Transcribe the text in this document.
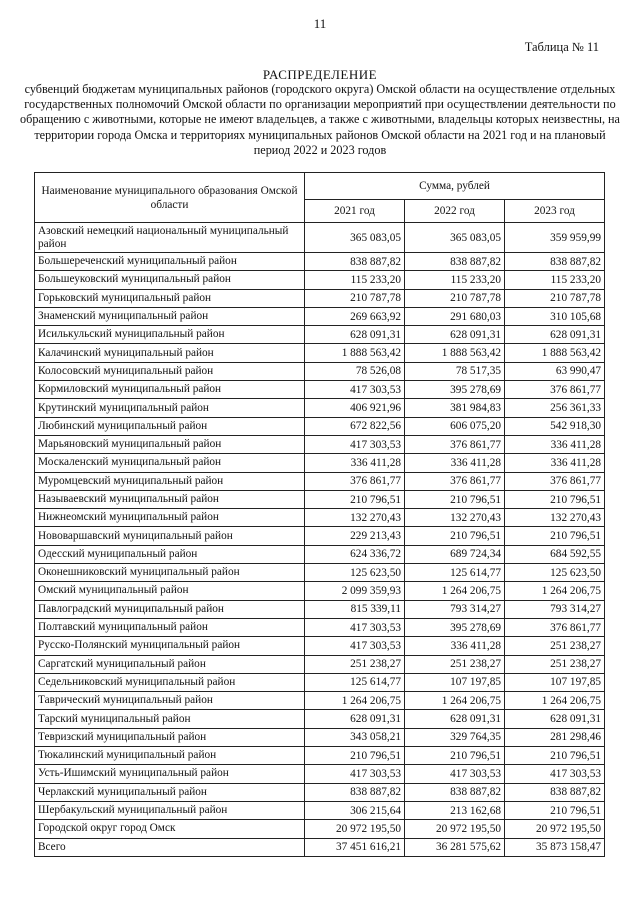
11
Таблица № 11
РАСПРЕДЕЛЕНИЕ
субвенций бюджетам муниципальных районов (городского округа) Омской области на осуществление отдельных государственных полномочий Омской области по организации мероприятий при осуществлении деятельности по обращению с животными, которые не имеют владельцев, а также с животными, владельцы которых неизвестны, на территории города Омска и территориях муниципальных районов Омской области на 2021 год и на плановый период 2022 и 2023 годов
Наименование муниципального образования Омской области	Сумма, рублей		
	2021 год	2022 год	2023 год
Азовский немецкий национальный муниципальный район	365 083,05	365 083,05	359 959,99
Большереченский муниципальный район	838 887,82	838 887,82	838 887,82
Большеуковский муниципальный район	115 233,20	115 233,20	115 233,20
Горьковский муниципальный район	210 787,78	210 787,78	210 787,78
Знаменский муниципальный район	269 663,92	291 680,03	310 105,68
Исилькульский муниципальный район	628 091,31	628 091,31	628 091,31
Калачинский муниципальный район	1 888 563,42	1 888 563,42	1 888 563,42
Колосовский муниципальный район	78 526,08	78 517,35	63 990,47
Кормиловский муниципальный район	417 303,53	395 278,69	376 861,77
Крутинский муниципальный район	406 921,96	381 984,83	256 361,33
Любинский муниципальный район	672 822,56	606 075,20	542 918,30
Марьяновский муниципальный район	417 303,53	376 861,77	336 411,28
Москаленский муниципальный район	336 411,28	336 411,28	336 411,28
Муромцевский муниципальный район	376 861,77	376 861,77	376 861,77
Называевский муниципальный район	210 796,51	210 796,51	210 796,51
Нижнеомский муниципальный район	132 270,43	132 270,43	132 270,43
Нововаршавский муниципальный район	229 213,43	210 796,51	210 796,51
Одесский муниципальный район	624 336,72	689 724,34	684 592,55
Оконешниковский муниципальный район	125 623,50	125 614,77	125 623,50
Омский муниципальный район	2 099 359,93	1 264 206,75	1 264 206,75
Павлоградский муниципальный район	815 339,11	793 314,27	793 314,27
Полтавский муниципальный район	417 303,53	395 278,69	376 861,77
Русско-Полянский муниципальный район	417 303,53	336 411,28	251 238,27
Саргатский муниципальный район	251 238,27	251 238,27	251 238,27
Седельниковский муниципальный район	125 614,77	107 197,85	107 197,85
Таврический муниципальный район	1 264 206,75	1 264 206,75	1 264 206,75
Тарский муниципальный район	628 091,31	628 091,31	628 091,31
Тевризский муниципальный район	343 058,21	329 764,35	281 298,46
Тюкалинский муниципальный район	210 796,51	210 796,51	210 796,51
Усть-Ишимский муниципальный район	417 303,53	417 303,53	417 303,53
Черлакский муниципальный район	838 887,82	838 887,82	838 887,82
Шербакульский муниципальный район	306 215,64	213 162,68	210 796,51
Городской округ город Омск	20 972 195,50	20 972 195,50	20 972 195,50
Всего	37 451 616,21	36 281 575,62	35 873 158,47
